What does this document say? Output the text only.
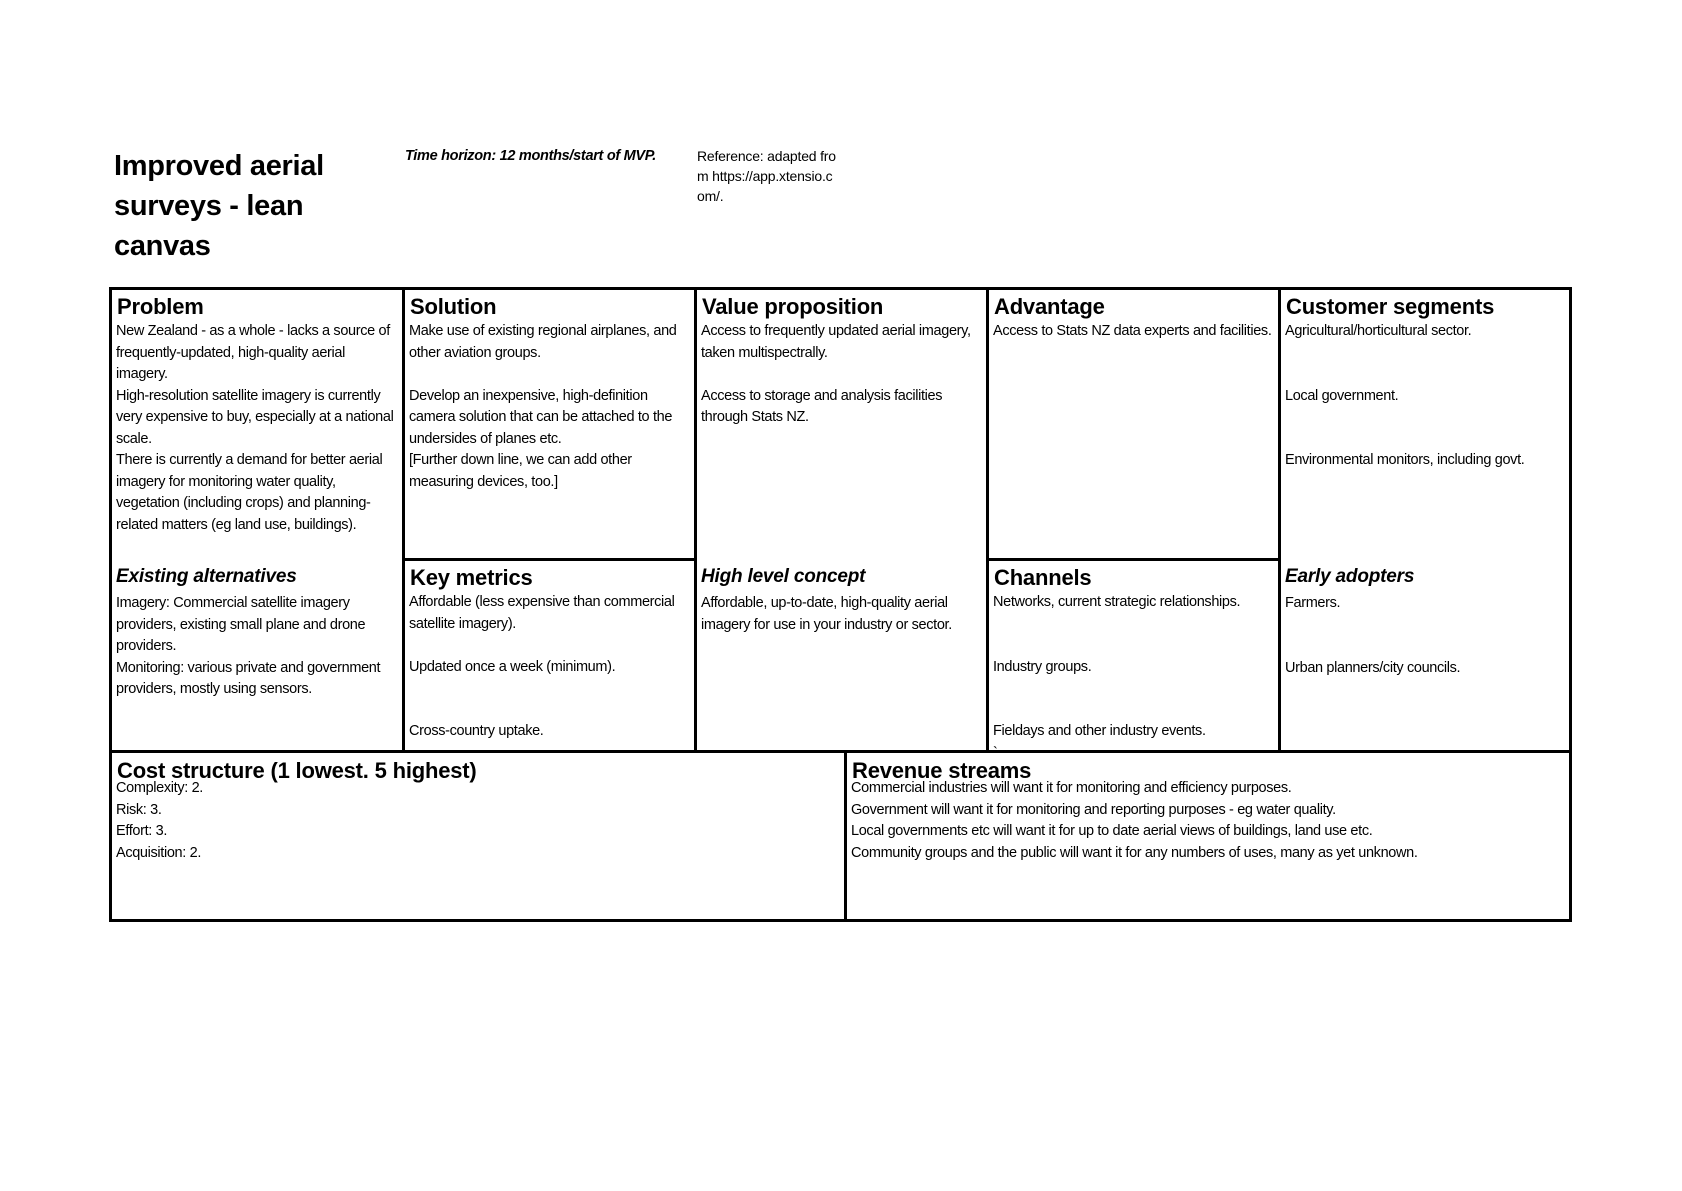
Improved aerial surveys - lean canvas
Time horizon: 12 months/start of MVP.	Reference: adapted from https://app.xtensio.com/.
Problem
New Zealand - as a whole - lacks a source of frequently-updated, high-quality aerial imagery.
High-resolution satellite imagery is currently very expensive to buy, especially at a national scale.
There is currently a demand for better aerial imagery for monitoring water quality, vegetation (including crops) and planning-related matters (eg land use, buildings).
Existing alternatives
Imagery: Commercial satellite imagery providers, existing small plane and drone providers.
Monitoring: various private and government providers, mostly using sensors.
Solution
Make use of existing regional airplanes, and other aviation groups.
Develop an inexpensive, high-definition camera solution that can be attached to the undersides of planes etc.
[Further down line, we can add other measuring devices, too.]
Key metrics
Affordable (less expensive than commercial satellite imagery).
Updated once a week (minimum).
Cross-country uptake.
Value proposition
Access to frequently updated aerial imagery, taken multispectrally.
Access to storage and analysis facilities through Stats NZ.
High level concept
Affordable, up-to-date, high-quality aerial imagery for use in your industry or sector.
Advantage
Access to Stats NZ data experts and facilities.
Channels
Networks, current strategic relationships.
Industry groups.
Fieldays and other industry events.
`
Customer segments
Agricultural/horticultural sector.
Local government.
Environmental monitors, including govt.
Early adopters
Farmers.
Urban planners/city councils.
Cost structure (1 lowest. 5 highest)
Complexity: 2.
Risk: 3.
Effort: 3.
Acquisition: 2.
Revenue streams
Commercial industries will want it for monitoring and efficiency purposes.
Government will want it for monitoring and reporting purposes - eg water quality.
Local governments etc will want it for up to date aerial views of buildings, land use etc.
Community groups and the public will want it for any numbers of uses, many as yet unknown.
